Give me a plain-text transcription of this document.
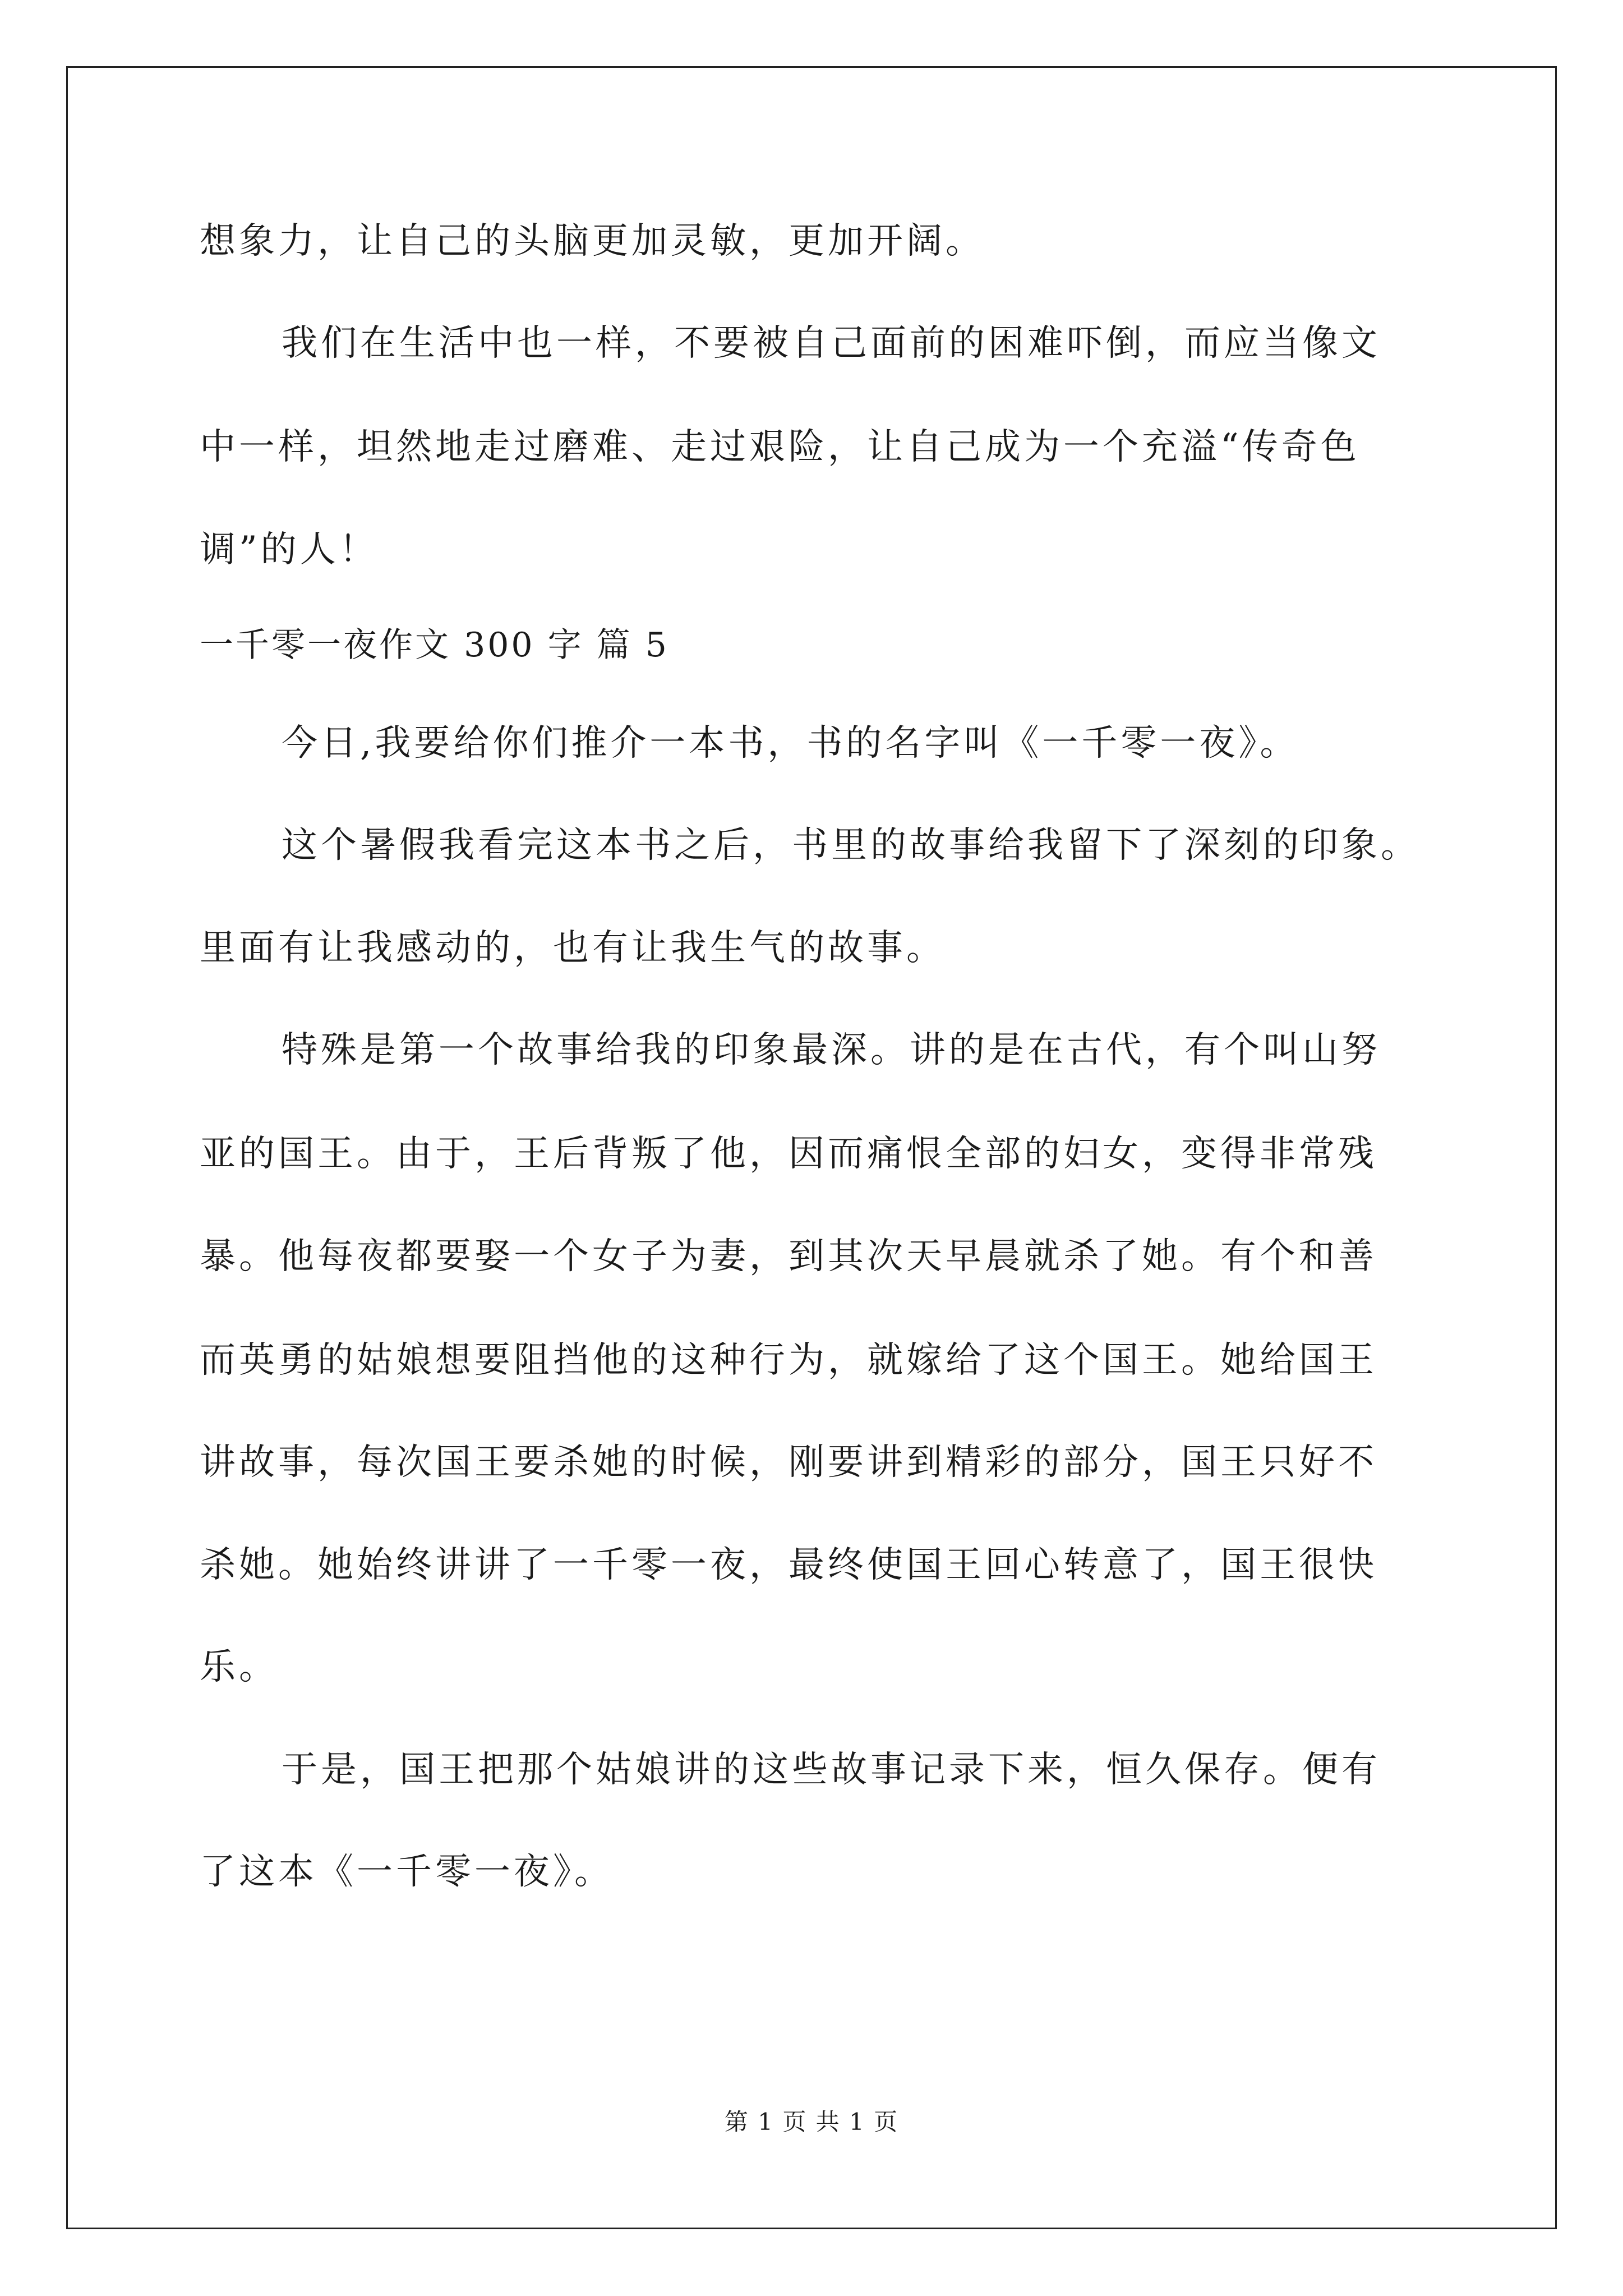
想象力，让自己的头脑更加灵敏，更加开阔。
我们在生活中也一样，不要被自己面前的困难吓倒，而应当像文
中一样，坦然地走过磨难、走过艰险，让自己成为一个充溢“传奇色
调”的人！
一千零一夜作文 300 字 篇 5
今日,我要给你们推介一本书，书的名字叫《一千零一夜》。
这个暑假我看完这本书之后，书里的故事给我留下了深刻的印象。
里面有让我感动的，也有让我生气的故事。
特殊是第一个故事给我的印象最深。讲的是在古代，有个叫山努
亚的国王。由于，王后背叛了他，因而痛恨全部的妇女，变得非常残
暴。他每夜都要娶一个女子为妻，到其次天早晨就杀了她。有个和善
而英勇的姑娘想要阻挡他的这种行为，就嫁给了这个国王。她给国王
讲故事，每次国王要杀她的时候，刚要讲到精彩的部分，国王只好不
杀她。她始终讲讲了一千零一夜，最终使国王回心转意了，国王很快
乐。
于是，国王把那个姑娘讲的这些故事记录下来，恒久保存。便有
了这本《一千零一夜》。
第 1 页 共 1 页
